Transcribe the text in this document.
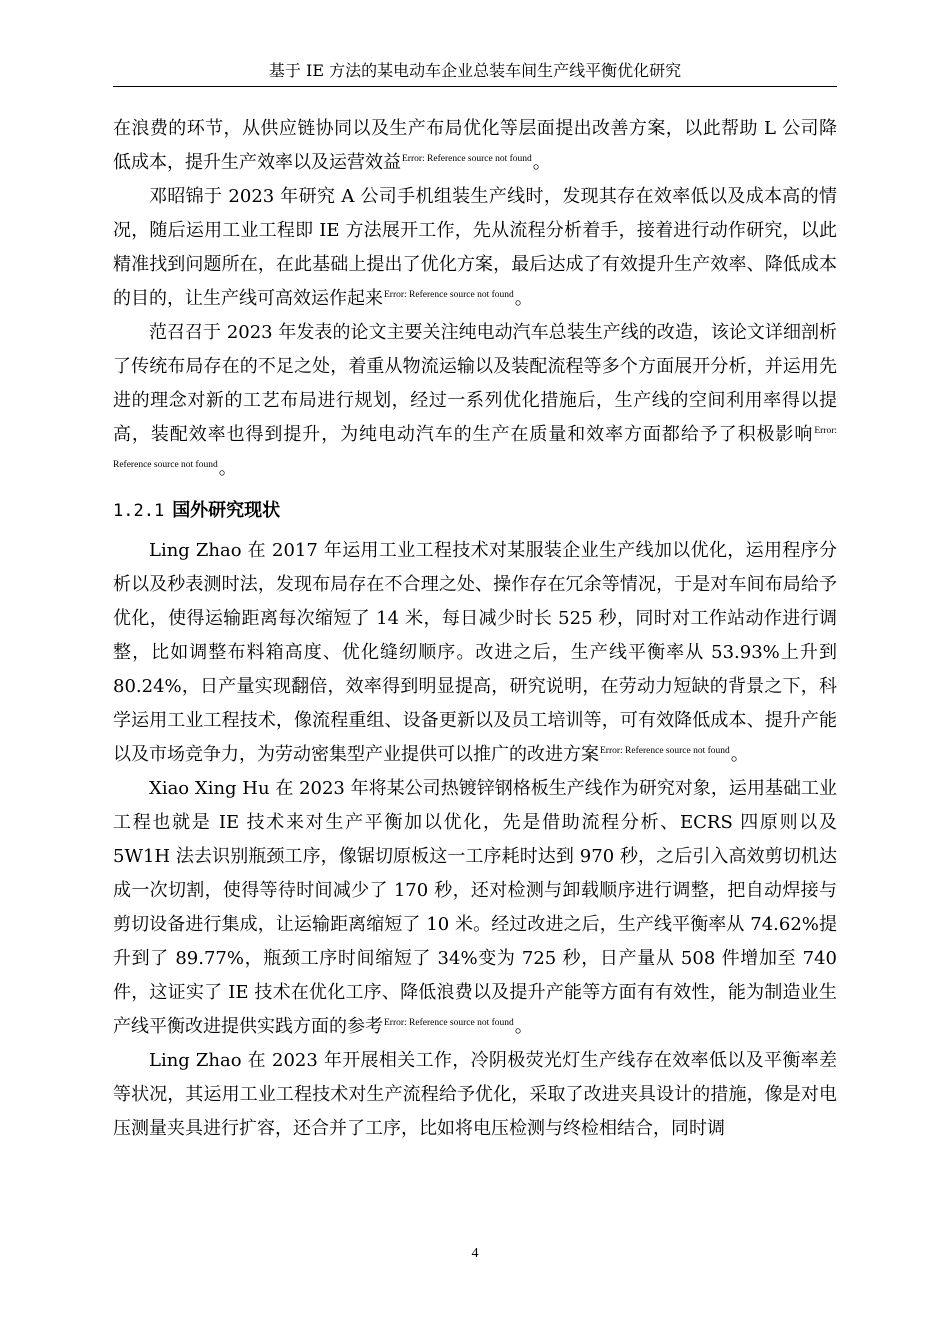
基于 IE 方法的某电动车企业总装车间生产线平衡优化研究

在浪费的环节，从供应链协同以及生产布局优化等层面提出改善方案，以此帮助 L 公司降低成本，提升生产效率以及运营效益$^{Error: Reference source not found}$。

邓昭锦于 2023 年研究 A 公司手机组装生产线时，发现其存在效率低以及成本高的情况，随后运用工业工程即 IE 方法展开工作，先从流程分析着手，接着进行动作研究，以此精准找到问题所在，在此基础上提出了优化方案，最后达成了有效提升生产效率、降低成本的目的，让生产线可高效运作起来$^{Error: Reference source not found}$。

范召召于 2023 年发表的论文主要关注纯电动汽车总装生产线的改造，该论文详细剖析了传统布局存在的不足之处，着重从物流运输以及装配流程等多个方面展开分析，并运用先进的理念对新的工艺布局进行规划，经过一系列优化措施后，生产线的空间利用率得以提高，装配效率也得到提升，为纯电动汽车的生产在质量和效率方面都给予了积极影响$^{Error: Reference source not found}$。

1.2.1 国外研究现状

Ling Zhao 在 2017 年运用工业工程技术对某服装企业生产线加以优化，运用程序分析以及秒表测时法，发现布局存在不合理之处、操作存在冗余等情况，于是对车间布局给予优化，使得运输距离每次缩短了 14 米，每日减少时长 525 秒，同时对工作站动作进行调整，比如调整布料箱高度、优化缝纫顺序。改进之后，生产线平衡率从 53.93%上升到 80.24%，日产量实现翻倍，效率得到明显提高，研究说明，在劳动力短缺的背景之下，科学运用工业工程技术，像流程重组、设备更新以及员工培训等，可有效降低成本、提升产能以及市场竞争力，为劳动密集型产业提供可以推广的改进方案$^{Error: Reference source not found}$。

Xiao Xing Hu 在 2023 年将某公司热镀锌钢格板生产线作为研究对象，运用基础工业工程也就是 IE 技术来对生产平衡加以优化，先是借助流程分析、ECRS 四原则以及 5W1H 法去识别瓶颈工序，像锯切原板这一工序耗时达到 970 秒，之后引入高效剪切机达成一次切割，使得等待时间减少了 170 秒，还对检测与卸载顺序进行调整，把自动焊接与剪切设备进行集成，让运输距离缩短了 10 米。经过改进之后，生产线平衡率从 74.62%提升到了 89.77%，瓶颈工序时间缩短了 34%变为 725 秒，日产量从 508 件增加至 740 件，这证实了 IE 技术在优化工序、降低浪费以及提升产能等方面有有效性，能为制造业生产线平衡改进提供实践方面的参考$^{Error: Reference source not found}$。

Ling Zhao 在 2023 年开展相关工作，冷阴极荧光灯生产线存在效率低以及平衡率差等状况，其运用工业工程技术对生产流程给予优化，采取了改进夹具设计的措施，像是对电压测量夹具进行扩容，还合并了工序，比如将电压检测与终检相结合，同时调

4
